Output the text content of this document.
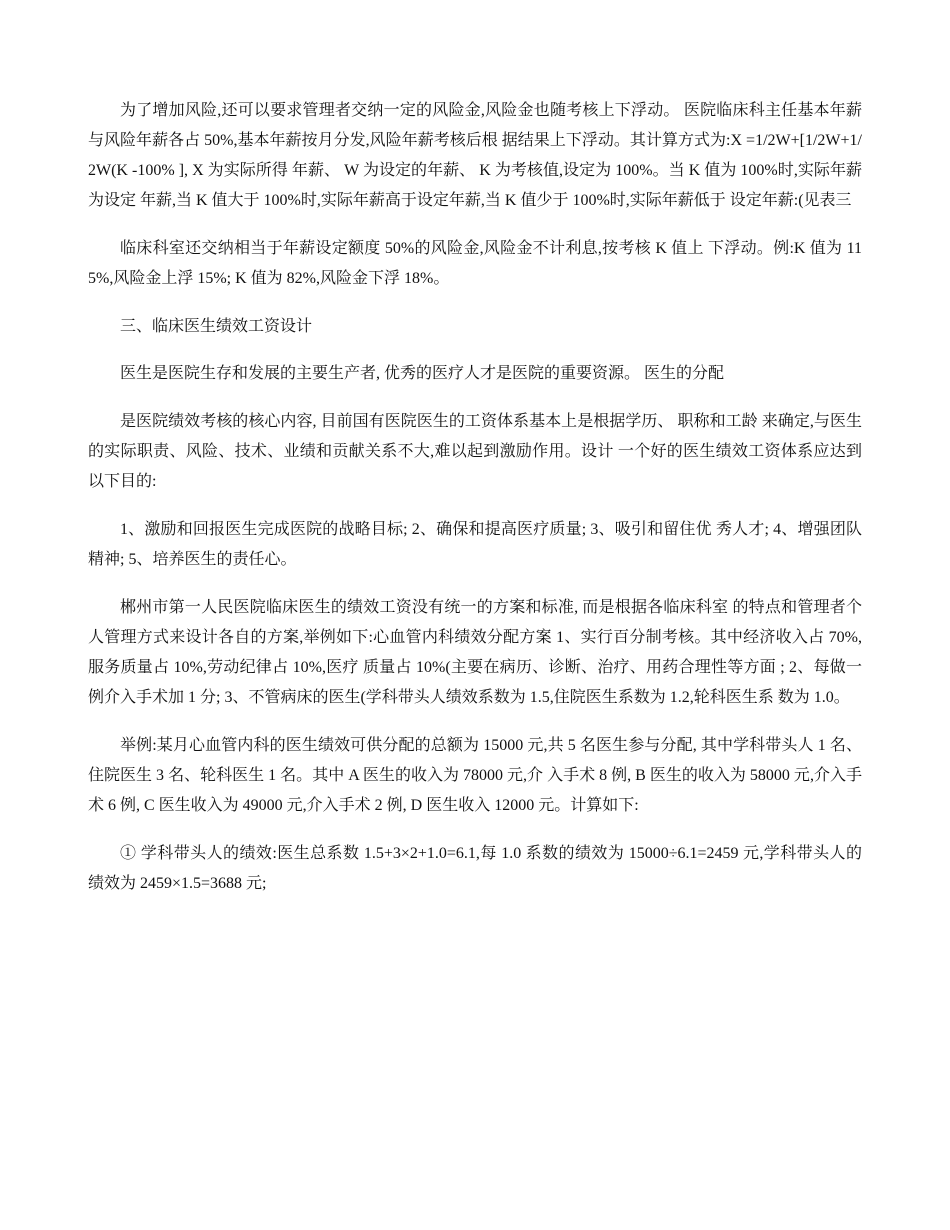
为了增加风险,还可以要求管理者交纳一定的风险金,风险金也随考核上下浮动。 医院临床科主任基本年薪与风险年薪各占 50%,基本年薪按月分发,风险年薪考核后根 据结果上下浮动。其计算方式为:X =1/2W+[1/2W+1/2W(K -100% ], X 为实际所得 年薪、 W 为设定的年薪、 K 为考核值,设定为 100%。当 K 值为 100%时,实际年薪为设定 年薪,当 K 值大于 100%时,实际年薪高于设定年薪,当 K 值少于 100%时,实际年薪低于 设定年薪:(见表三

临床科室还交纳相当于年薪设定额度 50%的风险金,风险金不计利息,按考核 K 值上 下浮动。例:K 值为 115%,风险金上浮 15%; K 值为 82%,风险金下浮 18%。

三、临床医生绩效工资设计

医生是医院生存和发展的主要生产者, 优秀的医疗人才是医院的重要资源。 医生的分配

是医院绩效考核的核心内容, 目前国有医院医生的工资体系基本上是根据学历、 职称和工龄 来确定,与医生的实际职责、风险、技术、业绩和贡献关系不大,难以起到激励作用。设计 一个好的医生绩效工资体系应达到以下目的:

1、激励和回报医生完成医院的战略目标; 2、确保和提高医疗质量; 3、吸引和留住优 秀人才; 4、增强团队精神; 5、培养医生的责任心。

郴州市第一人民医院临床医生的绩效工资没有统一的方案和标准, 而是根据各临床科室 的特点和管理者个人管理方式来设计各自的方案,举例如下:心血管内科绩效分配方案 1、实行百分制考核。其中经济收入占 70%,服务质量占 10%,劳动纪律占 10%,医疗 质量占 10%(主要在病历、诊断、治疗、用药合理性等方面 ; 2、每做一例介入手术加 1 分; 3、不管病床的医生(学科带头人绩效系数为 1.5,住院医生系数为 1.2,轮科医生系 数为 1.0。

举例:某月心血管内科的医生绩效可供分配的总额为 15000 元,共 5 名医生参与分配, 其中学科带头人 1 名、住院医生 3 名、轮科医生 1 名。其中 A 医生的收入为 78000 元,介 入手术 8 例, B 医生的收入为 58000 元,介入手术 6 例, C 医生收入为 49000 元,介入手术 2 例, D 医生收入 12000 元。计算如下:

① 学科带头人的绩效:医生总系数 1.5+3×2+1.0=6.1,每 1.0 系数的绩效为 15000÷6.1=2459 元,学科带头人的绩效为 2459×1.5=3688 元;
